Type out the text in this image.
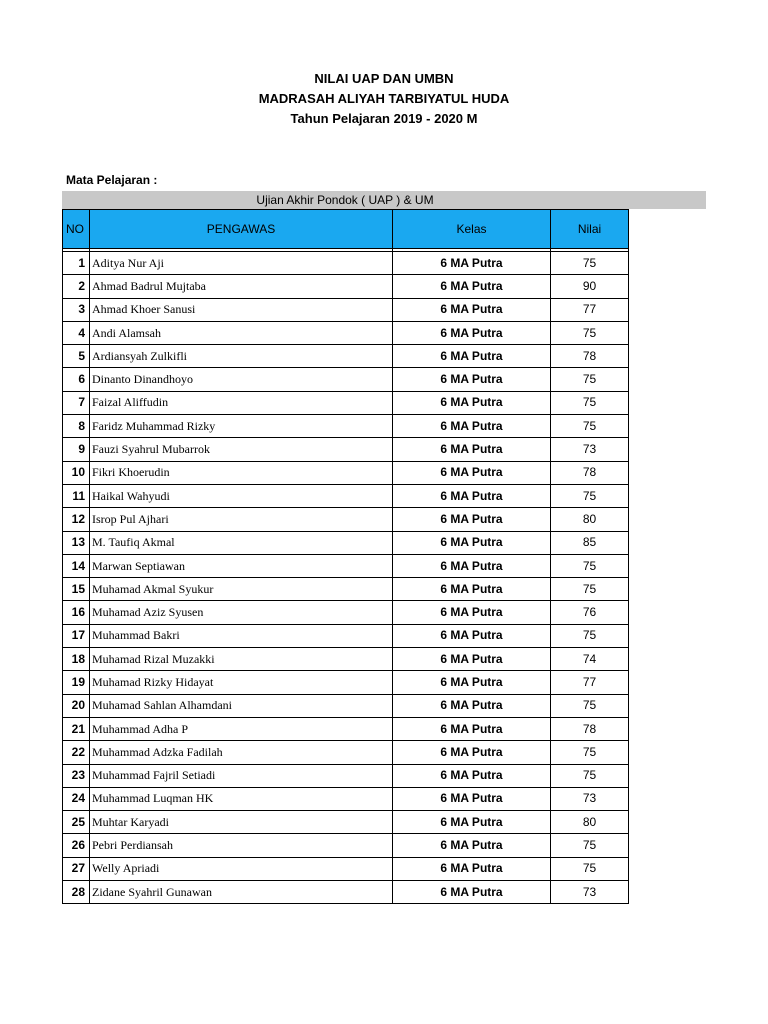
NILAI UAP DAN UMBN
MADRASAH ALIYAH TARBIYATUL HUDA
Tahun Pelajaran 2019 - 2020 M
Mata Pelajaran :
Ujian Akhir Pondok ( UAP ) & UM
NO	PENGAWAS	Kelas	Nilai

1	Aditya Nur Aji	6 MA Putra	75
2	Ahmad Badrul Mujtaba	6 MA Putra	90
3	Ahmad Khoer Sanusi	6 MA Putra	77
4	Andi Alamsah	6 MA Putra	75
5	Ardiansyah Zulkifli	6 MA Putra	78
6	Dinanto Dinandhoyo	6 MA Putra	75
7	Faizal Aliffudin	6 MA Putra	75
8	Faridz Muhammad Rizky	6 MA Putra	75
9	Fauzi Syahrul Mubarrok	6 MA Putra	73
10	Fikri Khoerudin	6 MA Putra	78
11	Haikal Wahyudi	6 MA Putra	75
12	Isrop Pul Ajhari	6 MA Putra	80
13	M. Taufiq Akmal	6 MA Putra	85
14	Marwan Septiawan	6 MA Putra	75
15	Muhamad Akmal Syukur	6 MA Putra	75
16	Muhamad Aziz Syusen	6 MA Putra	76
17	Muhammad Bakri	6 MA Putra	75
18	Muhamad Rizal Muzakki	6 MA Putra	74
19	Muhamad Rizky Hidayat	6 MA Putra	77
20	Muhamad Sahlan Alhamdani	6 MA Putra	75
21	Muhammad Adha P	6 MA Putra	78
22	Muhammad Adzka Fadilah	6 MA Putra	75
23	Muhammad Fajril Setiadi	6 MA Putra	75
24	Muhammad Luqman HK	6 MA Putra	73
25	Muhtar Karyadi	6 MA Putra	80
26	Pebri Perdiansah	6 MA Putra	75
27	Welly Apriadi	6 MA Putra	75
28	Zidane Syahril Gunawan	6 MA Putra	73
